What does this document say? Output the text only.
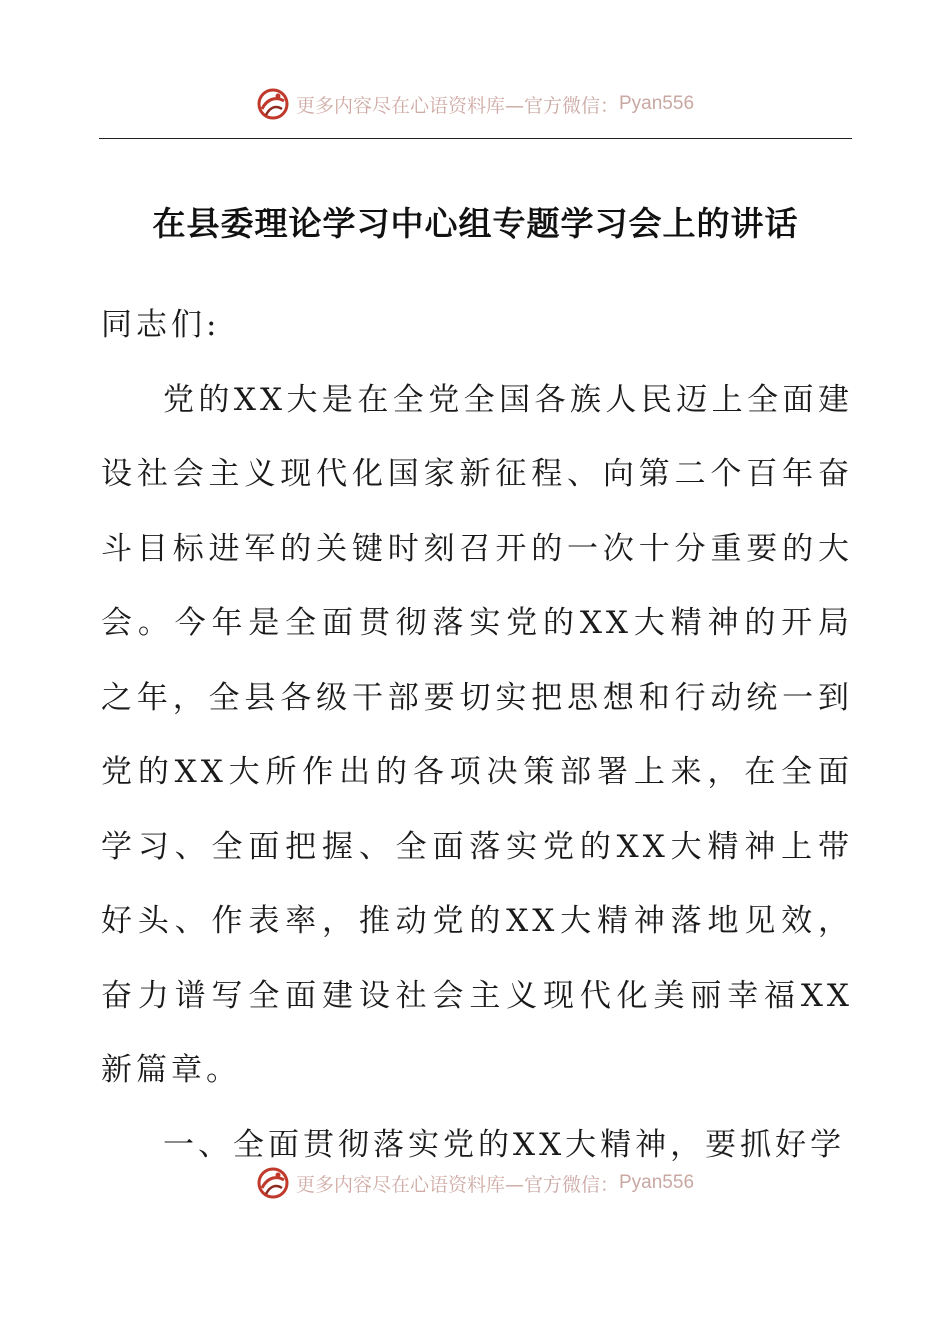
更多内容尽在心语资料库 —官方微信： Pyan556
在县委理论学习中心组专题学习会上的讲话

同志们:

党的XX大是在全党全国各族人民迈上全面建设社会主义现代化国家新征程、向第二个百年奋斗目标进军的关键时刻召开的一次十分重要的大会。今年是全面贯彻落实党的XX大精神的开局之年，全县各级干部要切实把思想和行动统一到党的XX大所作出的各项决策部署上来，在全面学习、全面把握、全面落实党的XX大精神上带好头、作表率，推动党的XX大精神落地见效，奋力谱写全面建设社会主义现代化美丽幸福XX新篇章。

一、全面贯彻落实党的XX大精神，要抓好学

更多内容尽在心语资料库 —官方微信： Pyan556
